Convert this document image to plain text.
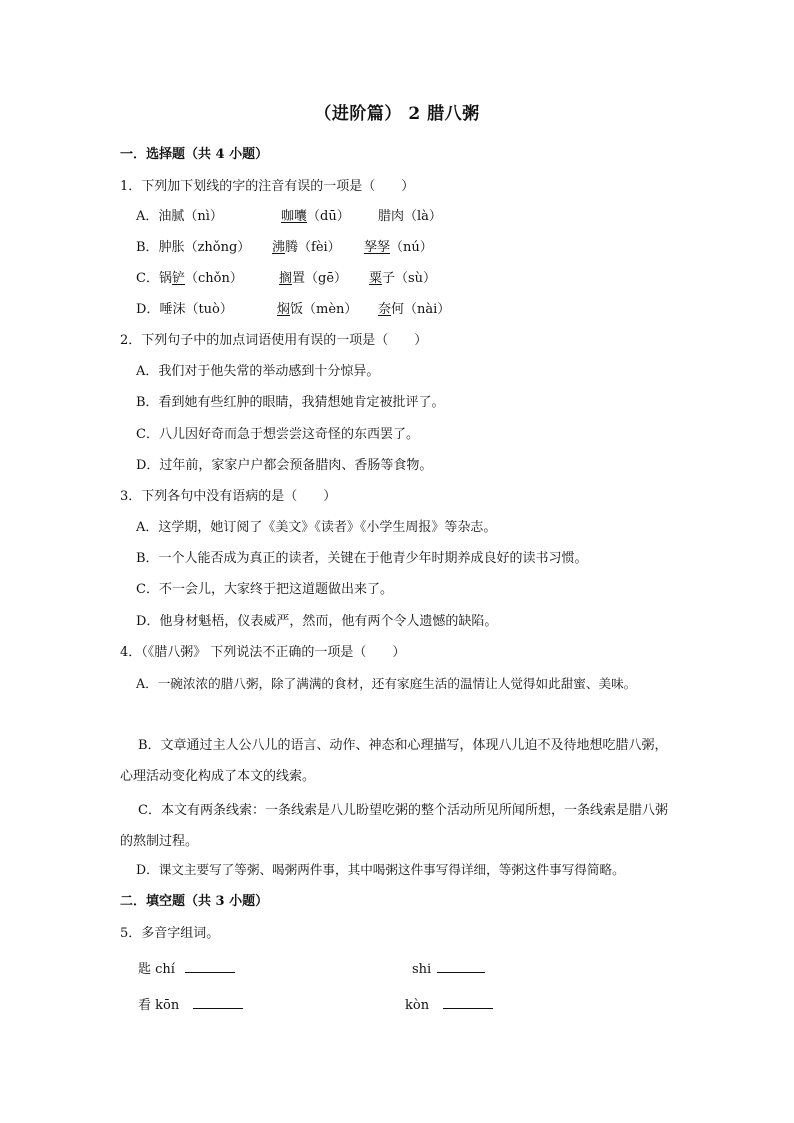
（进阶篇） 2 腊八粥
一．选择题（共 4 小题）
1．下列加下划线的字的注音有误的一项是（　　）
A．油腻（nì）	咖囔（dū） 腊肉（là）
B．肿胀（zhǒng） 沸腾（fèi） 孥孥（nú）
C．锅铲（chǒn）	搁置（gē） 粟子（sù）
D．唾沫（tuò）	焖饭（mèn） 奈何（nài）
2．下列句子中的加点词语使用有误的一项是（　　）
A．我们对于他失常的举动感到十分惊异。
B．看到她有些红肿的眼睛，我猜想她肯定被批评了。
C．八儿因好奇而急于想尝尝这奇怪的东西罢了。
D．过年前，家家户户都会预备腊肉、香肠等食物。
3．下列各句中没有语病的是（　　）
A．这学期，她订阅了《美文》《读者》《小学生周报》等杂志。
B．一个人能否成为真正的读者，关键在于他青少年时期养成良好的读书习惯。
C．不一会儿，大家终于把这道题做出来了。
D．他身材魁梧，仪表威严，然而，他有两个令人遗憾的缺陷。
4．（《腊八粥》 下列说法不正确的一项是（　　）
A．一碗浓浓的腊八粥，除了满满的食材，还有家庭生活的温情让人觉得如此甜蜜、美味。
B．文章通过主人公八儿的语言、动作、神态和心理描写，体现八儿迫不及待地想吃腊八粥，心理活动变化构成了本文的线索。
C．本文有两条线索：一条线索是八儿盼望吃粥的整个活动所见所闻所想，一条线索是腊八粥的熬制过程。
D．课文主要写了等粥、喝粥两件事，其中喝粥这件事写得详细，等粥这件事写得简略。
二．填空题（共 3 小题）
5．多音字组词。
匙 chí	shi
看 kōn	kòn
